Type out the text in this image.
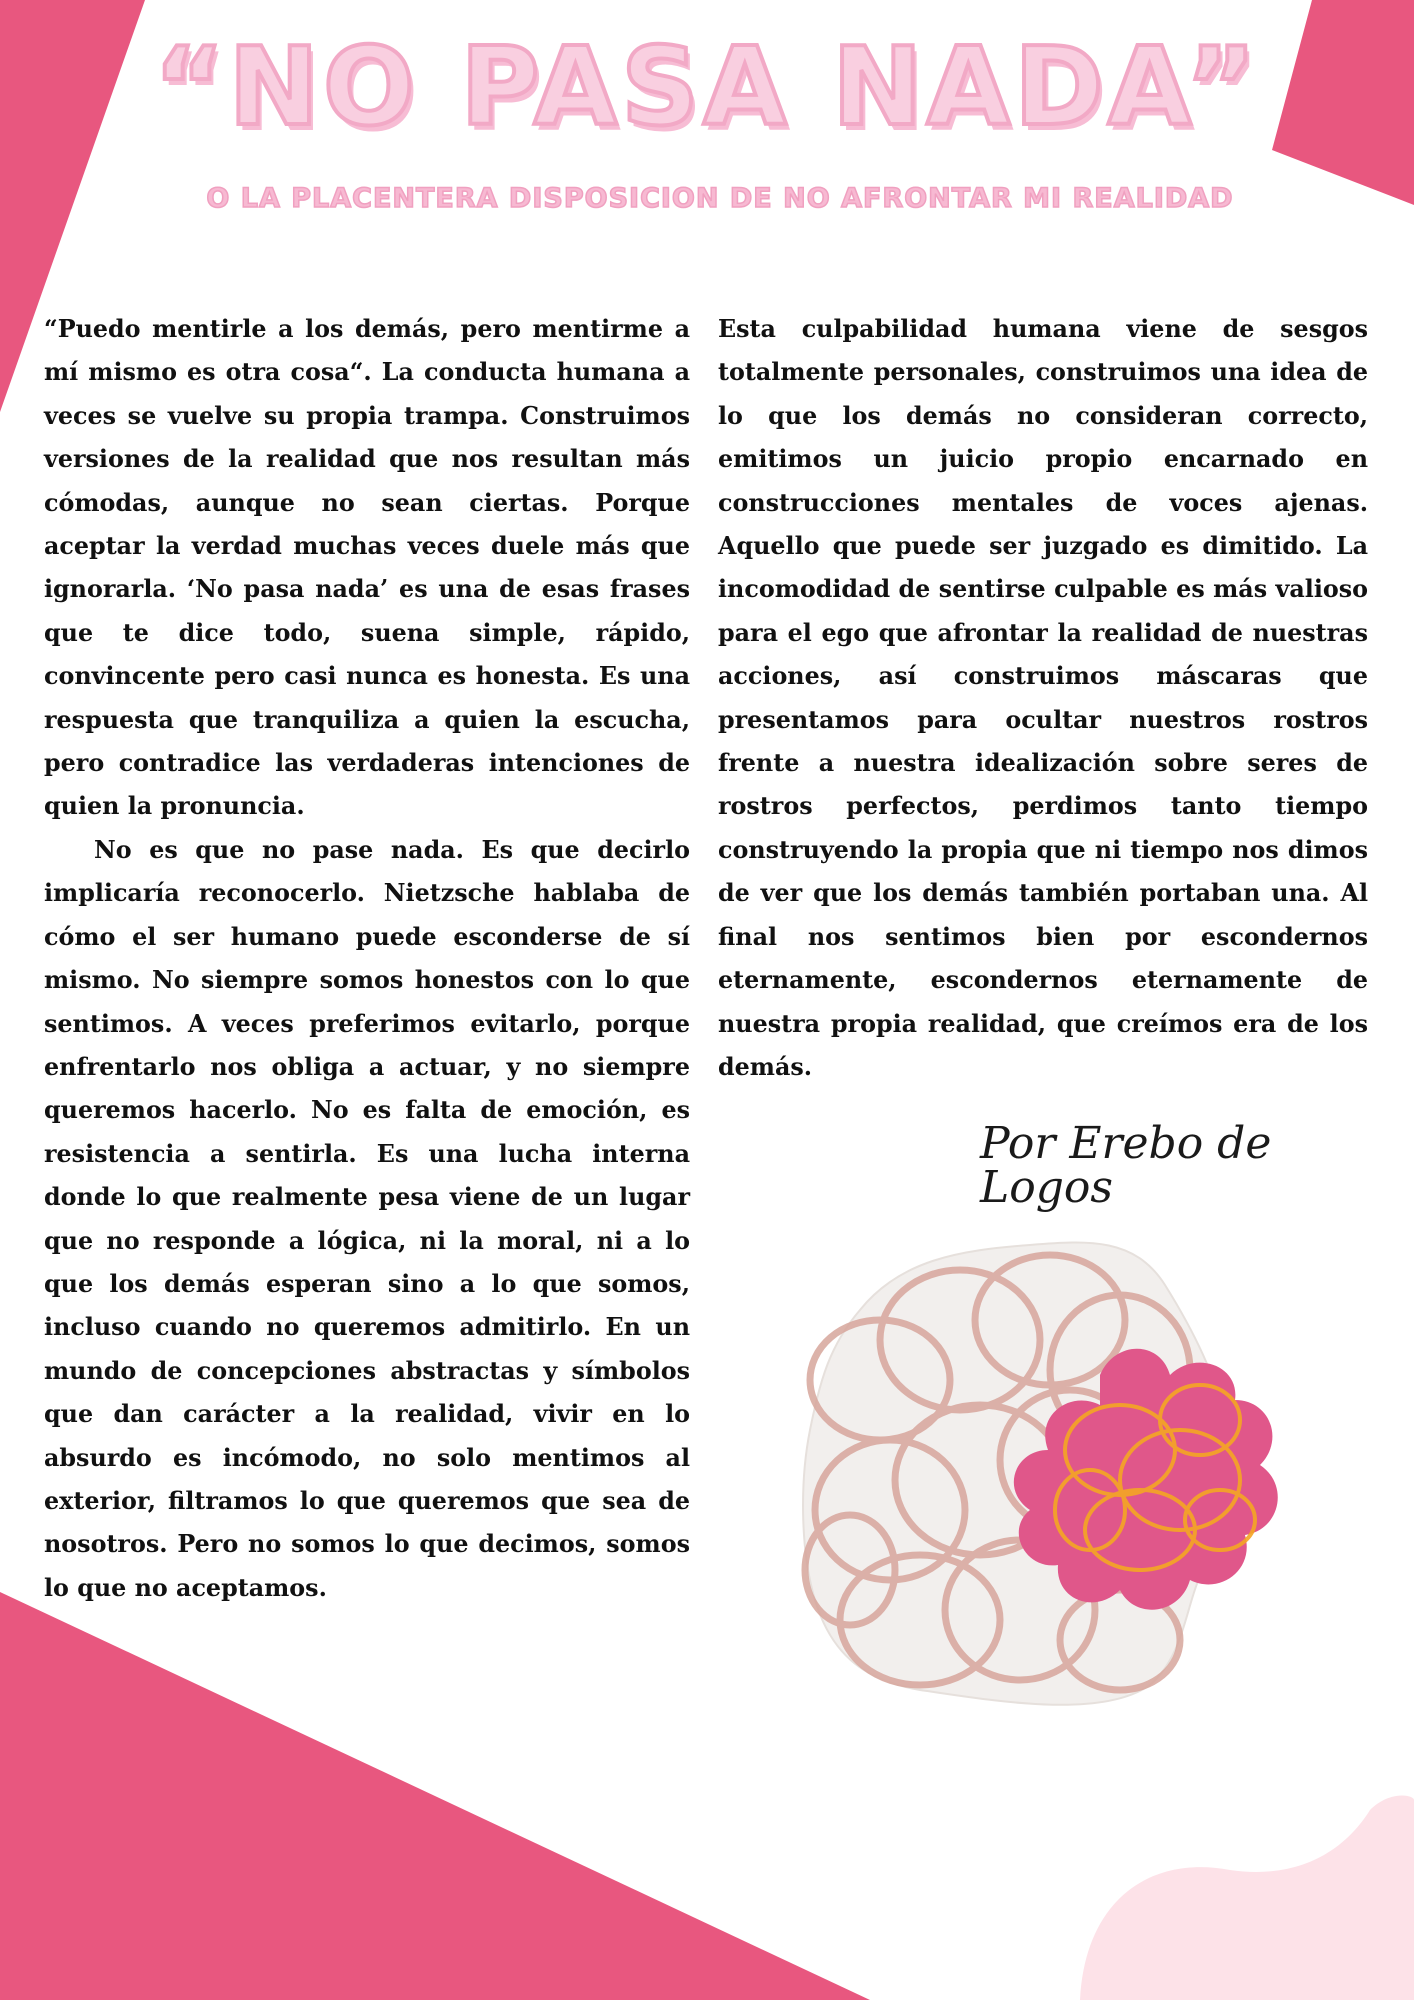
“NO PASA NADA”
O LA PLACENTERA DISPOSICION DE NO AFRONTAR MI REALIDAD

“Puedo mentirle a los demás, pero mentirme a mí mismo es otra cosa“. La conducta humana a veces se vuelve su propia trampa. Construimos versiones de la realidad que nos resultan más cómodas, aunque no sean ciertas. Porque aceptar la verdad muchas veces duele más que ignorarla. ‘No pasa nada’ es una de esas frases que te dice todo, suena simple, rápido, convincente pero casi nunca es honesta. Es una respuesta que tranquiliza a quien la escucha, pero contradice las verdaderas intenciones de quien la pronuncia.

No es que no pase nada. Es que decirlo implicaría reconocerlo. Nietzsche hablaba de cómo el ser humano puede esconderse de sí mismo. No siempre somos honestos con lo que sentimos. A veces preferimos evitarlo, porque enfrentarlo nos obliga a actuar, y no siempre queremos hacerlo. No es falta de emoción, es resistencia a sentirla. Es una lucha interna donde lo que realmente pesa viene de un lugar que no responde a lógica, ni la moral, ni a lo que los demás esperan sino a lo que somos, incluso cuando no queremos admitirlo. En un mundo de concepciones abstractas y símbolos que dan carácter a la realidad, vivir en lo absurdo es incómodo, no solo mentimos al exterior, filtramos lo que queremos que sea de nosotros. Pero no somos lo que decimos, somos lo que no aceptamos.

Esta culpabilidad humana viene de sesgos totalmente personales, construimos una idea de lo que los demás no consideran correcto, emitimos un juicio propio encarnado en construcciones mentales de voces ajenas. Aquello que puede ser juzgado es dimitido. La incomodidad de sentirse culpable es más valioso para el ego que afrontar la realidad de nuestras acciones, así construimos máscaras que presentamos para ocultar nuestros rostros frente a nuestra idealización sobre seres de rostros perfectos, perdimos tanto tiempo construyendo la propia que ni tiempo nos dimos de ver que los demás también portaban una. Al final nos sentimos bien por escondernos eternamente, escondernos eternamente de nuestra propia realidad, que creímos era de los demás.

Por Erebo de Logos
